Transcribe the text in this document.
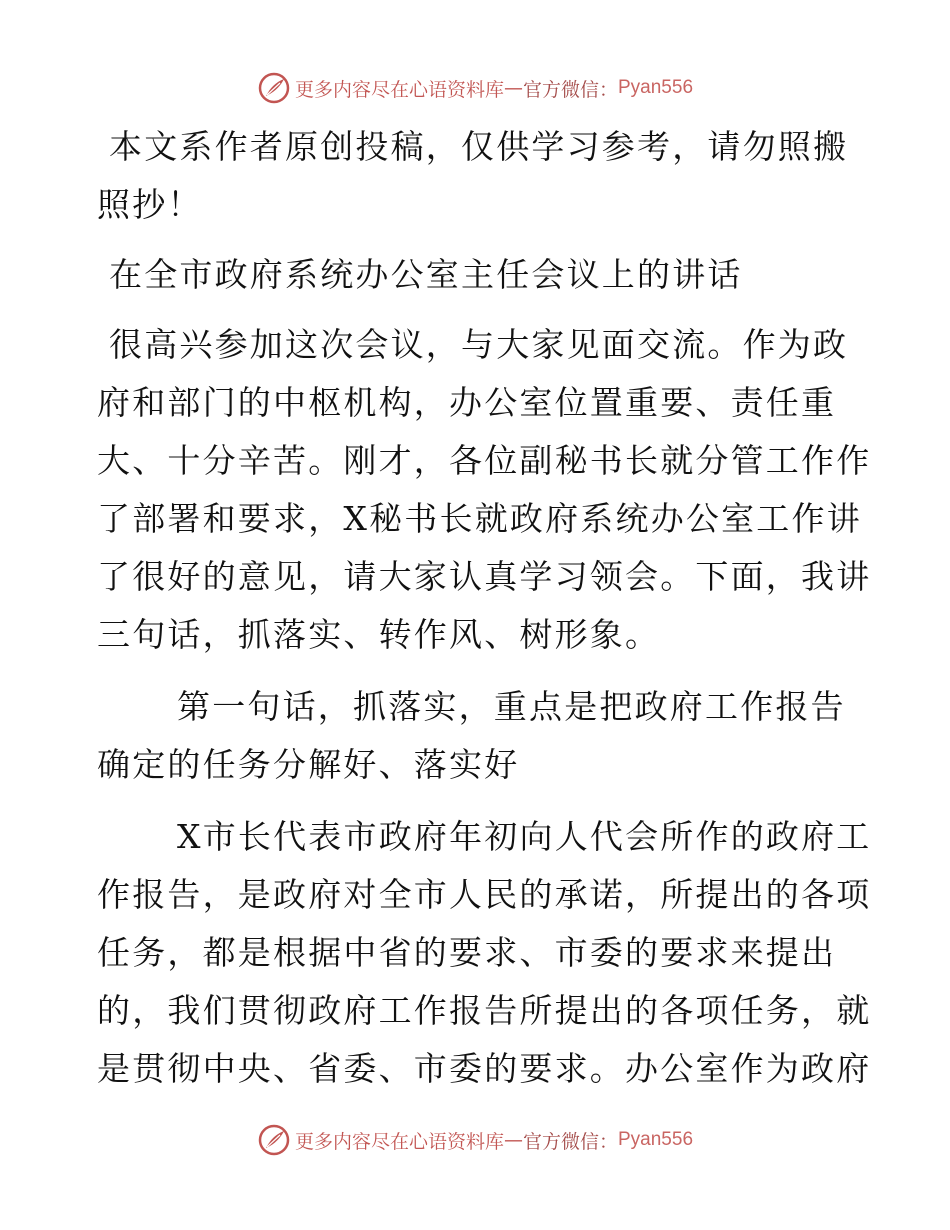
更多内容尽在心语资料库 — 官方微信： Pyan556

本文系作者原创投稿，仅供学习参考，请勿照搬

照抄！

在全市政府系统办公室主任会议上的讲话

很高兴参加这次会议，与大家见面交流。作为政

府和部门的中枢机构，办公室位置重要、责任重

大、十分辛苦。刚才，各位副秘书长就分管工作作

了部署和要求，X秘书长就政府系统办公室工作讲

了很好的意见，请大家认真学习领会。下面，我讲

三句话，抓落实、转作风、树形象。

第一句话，抓落实，重点是把政府工作报告

确定的任务分解好、落实好

X市长代表市政府年初向人代会所作的政府工

作报告，是政府对全市人民的承诺，所提出的各项

任务，都是根据中省的要求、市委的要求来提出

的，我们贯彻政府工作报告所提出的各项任务，就

是贯彻中央、省委、市委的要求。办公室作为政府

更多内容尽在心语资料库 — 官方微信： Pyan556
